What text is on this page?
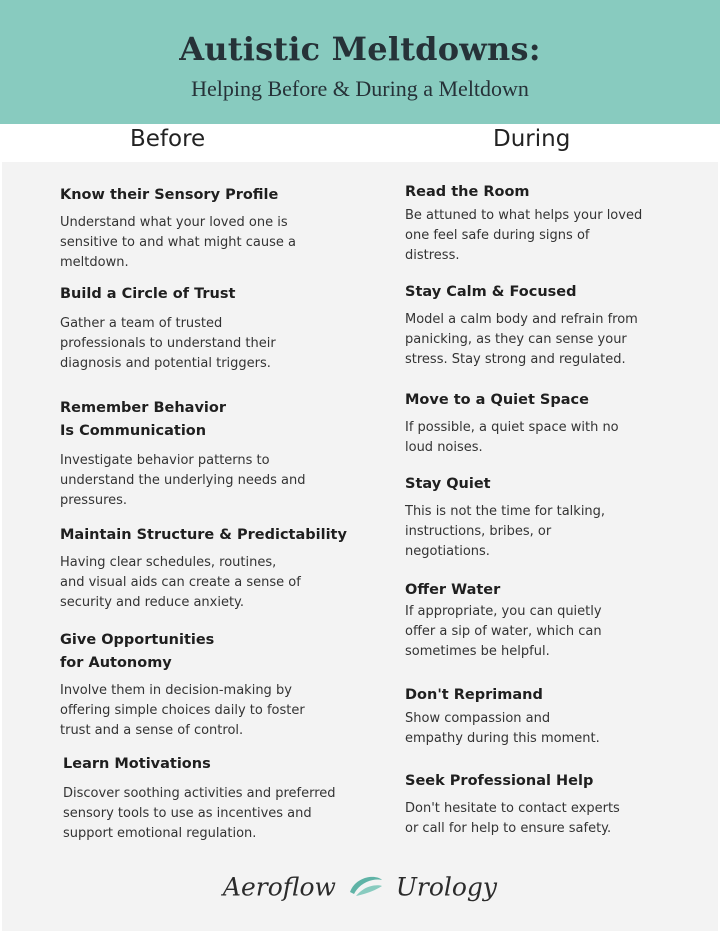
Autistic Meltdowns:
Helping Before & During a Meltdown
Before	During
Know their Sensory Profile

Understand what your loved one is

sensitive to and what might cause a

meltdown.

Build a Circle of Trust

Gather a team of trusted

professionals to understand their

diagnosis and potential triggers.

Remember Behavior
Is Communication

Investigate behavior patterns to

understand the underlying needs and

pressures.

Maintain Structure & Predictability

Having clear schedules, routines,

and visual aids can create a sense of

security and reduce anxiety.

Give Opportunities
for Autonomy

Involve them in decision-making by

offering simple choices daily to foster

trust and a sense of control.

Learn Motivations

Discover soothing activities and preferred

sensory tools to use as incentives and

support emotional regulation.

Read the Room

Be attuned to what helps your loved

one feel safe during signs of

distress.

Stay Calm & Focused

Model a calm body and refrain from

panicking, as they can sense your

stress. Stay strong and regulated.

Move to a Quiet Space

If possible, a quiet space with no

loud noises.

Stay Quiet

This is not the time for talking,

instructions, bribes, or

negotiations.

Offer Water

If appropriate, you can quietly

offer a sip of water, which can

sometimes be helpful.

Don't Reprimand

Show compassion and

empathy during this moment.

Seek Professional Help

Don't hesitate to contact experts

or call for help to ensure safety.

Aeroflow Urology
